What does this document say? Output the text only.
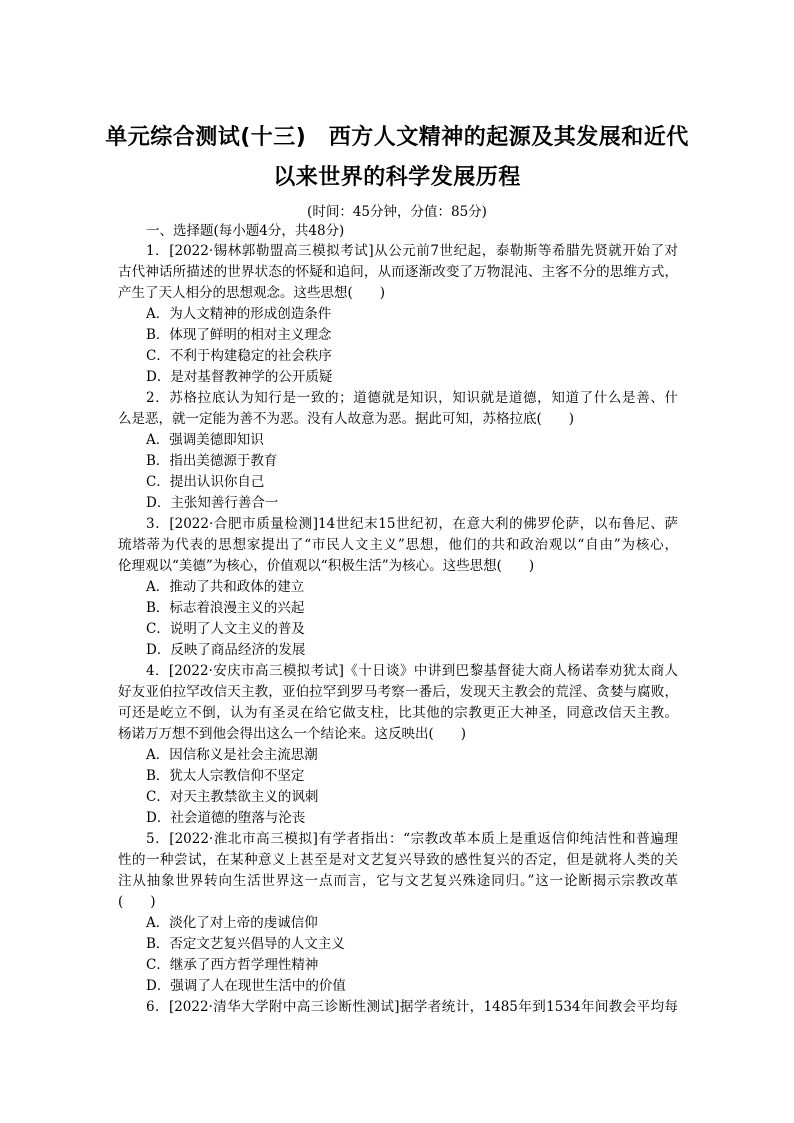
单元综合测试(十三)　西方人文精神的起源及其发展和近代
以来世界的科学发展历程
(时间：45分钟，分值：85分)
一、选择题(每小题4分，共48分)
1．[2022·锡林郭勒盟高三模拟考试]从公元前7世纪起，泰勒斯等希腊先贤就开始了对
古代神话所描述的世界状态的怀疑和追问，从而逐渐改变了万物混沌、主客不分的思维方式，
产生了天人相分的思想观念。这些思想(　　)
A．为人文精神的形成创造条件
B．体现了鲜明的相对主义理念
C．不利于构建稳定的社会秩序
D．是对基督教神学的公开质疑
2．苏格拉底认为知行是一致的；道德就是知识，知识就是道德，知道了什么是善、什
么是恶，就一定能为善不为恶。没有人故意为恶。据此可知，苏格拉底(　　)
A．强调美德即知识
B．指出美德源于教育
C．提出认识你自己
D．主张知善行善合一
3．[2022·合肥市质量检测]14世纪末15世纪初，在意大利的佛罗伦萨，以布鲁尼、萨
琉塔蒂为代表的思想家提出了“市民人文主义”思想，他们的共和政治观以“自由”为核心，
伦理观以“美德”为核心，价值观以“积极生活”为核心。这些思想(　　)
A．推动了共和政体的建立
B．标志着浪漫主义的兴起
C．说明了人文主义的普及
D．反映了商品经济的发展
4．[2022·安庆市高三模拟考试]《十日谈》中讲到巴黎基督徒大商人杨诺奉劝犹太商人
好友亚伯拉罕改信天主教，亚伯拉罕到罗马考察一番后，发现天主教会的荒淫、贪婪与腐败，
可还是屹立不倒，认为有圣灵在给它做支柱，比其他的宗教更正大神圣，同意改信天主教。
杨诺万万想不到他会得出这么一个结论来。这反映出(　　)
A．因信称义是社会主流思潮
B．犹太人宗教信仰不坚定
C．对天主教禁欲主义的讽刺
D．社会道德的堕落与沦丧
5．[2022·淮北市高三模拟]有学者指出：“宗教改革本质上是重返信仰纯洁性和普遍理
性的一种尝试，在某种意义上甚至是对文艺复兴导致的感性复兴的否定，但是就将人类的关
注从抽象世界转向生活世界这一点而言，它与文艺复兴殊途同归。”这一论断揭示宗教改革
(　　)
A．淡化了对上帝的虔诚信仰
B．否定文艺复兴倡导的人文主义
C．继承了西方哲学理性精神
D．强调了人在现世生活中的价值
6．[2022·清华大学附中高三诊断性测试]据学者统计，1485年到1534年间教会平均每
